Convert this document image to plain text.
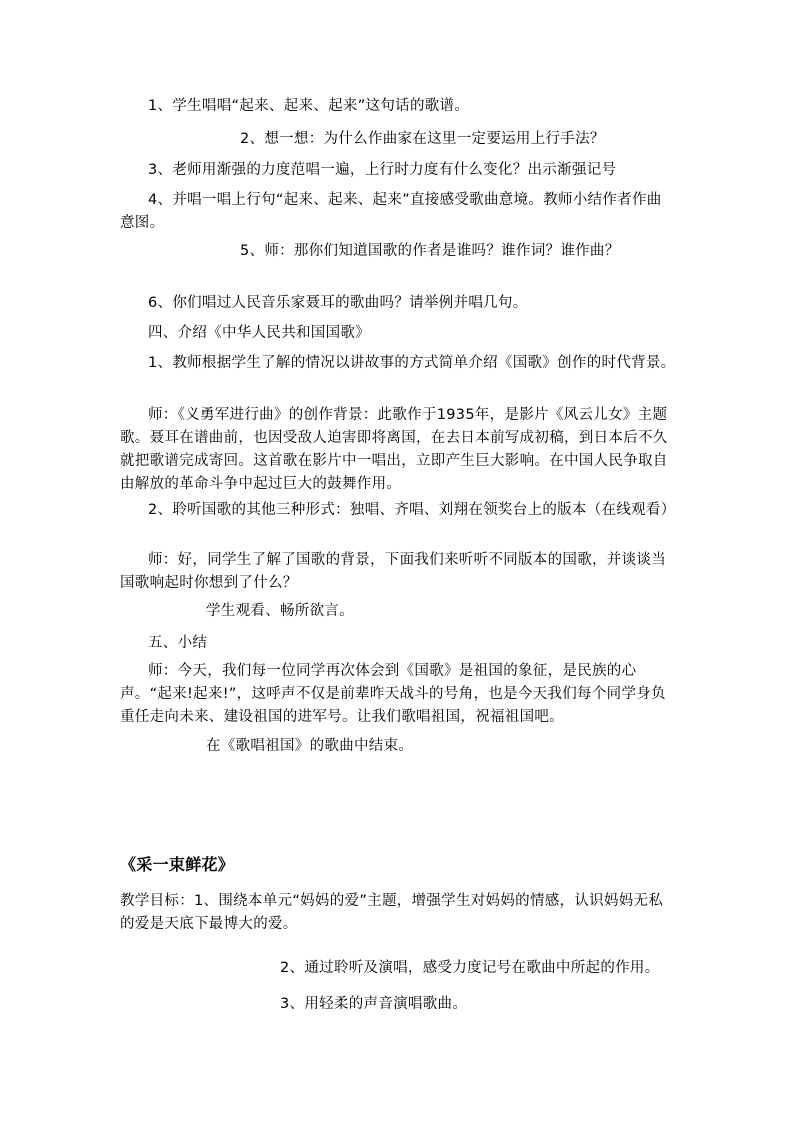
1、学生唱唱“起来、起来、起来”这句话的歌谱。
2、想一想：为什么作曲家在这里一定要运用上行手法？
3、老师用渐强的力度范唱一遍，上行时力度有什么变化？出示渐强记号
4、并唱一唱上行句“起来、起来、起来”直接感受歌曲意境。教师小结作者作曲意图。
5、师：那你们知道国歌的作者是谁吗？谁作词？谁作曲？
6、你们唱过人民音乐家聂耳的歌曲吗？请举例并唱几句。
四、介绍《中华人民共和国国歌》
1、教师根据学生了解的情况以讲故事的方式简单介绍《国歌》创作的时代背景。
师：《义勇军进行曲》的创作背景：此歌作于1935年，是影片《风云儿女》主题歌。聂耳在谱曲前，也因受敌人迫害即将离国，在去日本前写成初稿，到日本后不久就把歌谱完成寄回。这首歌在影片中一唱出，立即产生巨大影响。在中国人民争取自由解放的革命斗争中起过巨大的鼓舞作用。
2、聆听国歌的其他三种形式：独唱、齐唱、刘翔在领奖台上的版本（在线观看）
师：好，同学生了解了国歌的背景，下面我们来听听不同版本的国歌，并谈谈当国歌响起时你想到了什么？
学生观看、畅所欲言。
五、小结
师：今天，我们每一位同学再次体会到《国歌》是祖国的象征，是民族的心声。“起来!起来!”，这呼声不仅是前辈昨天战斗的号角，也是今天我们每个同学身负重任走向未来、建设祖国的进军号。让我们歌唱祖国，祝福祖国吧。
在《歌唱祖国》的歌曲中结束。
《采一束鲜花》
教学目标：1、围绕本单元“妈妈的爱”主题，增强学生对妈妈的情感，认识妈妈无私的爱是天底下最博大的爱。
2、通过聆听及演唱，感受力度记号在歌曲中所起的作用。
3、用轻柔的声音演唱歌曲。
